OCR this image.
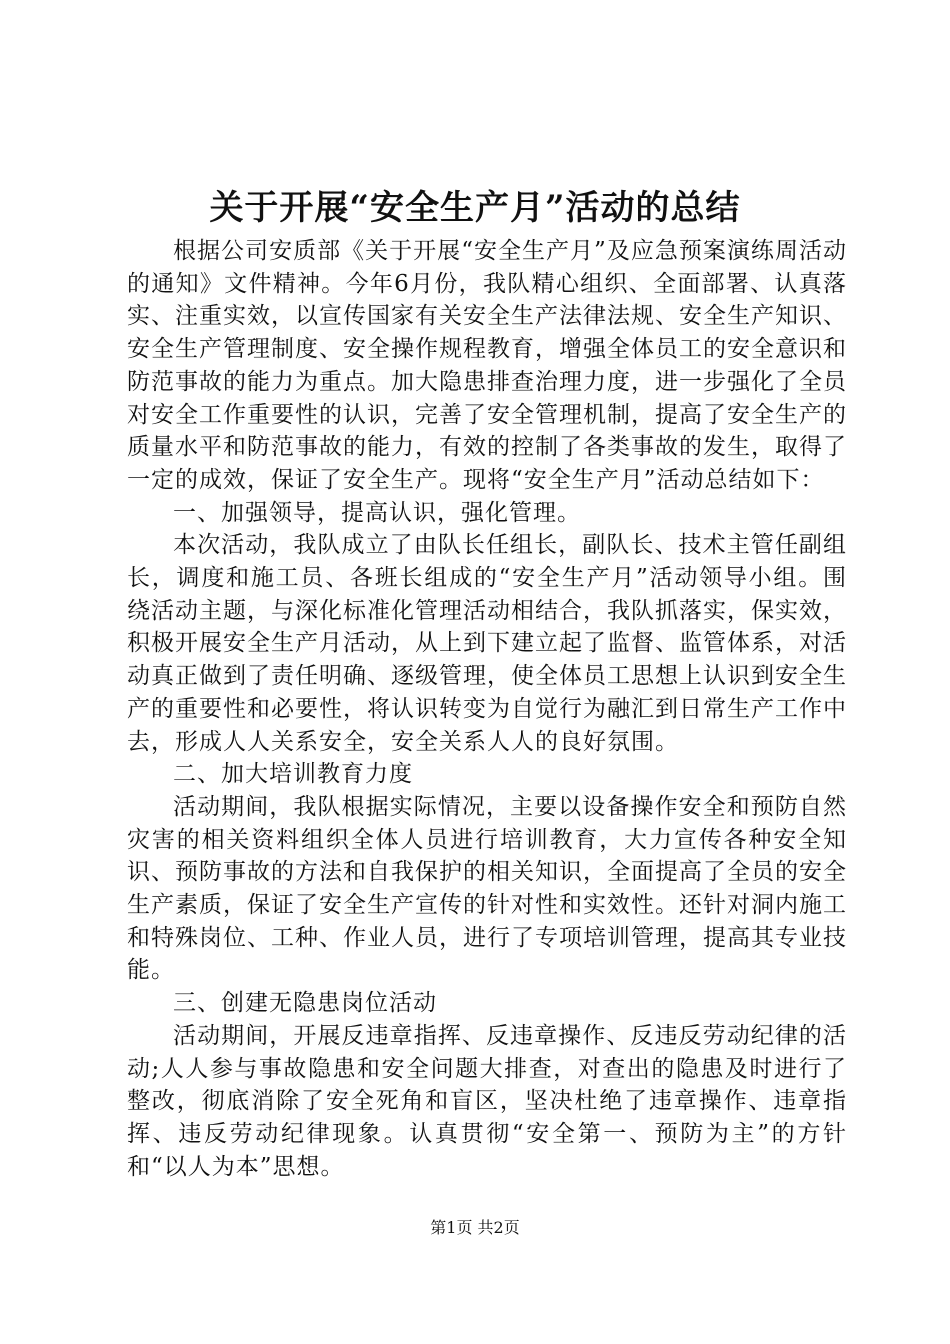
关于开展“安全生产月”活动的总结

根据公司安质部《关于开展“安全生产月”及应急预案演练周活动的通知》文件精神。今年6月份，我队精心组织、全面部署、认真落实、注重实效，以宣传国家有关安全生产法律法规、安全生产知识、安全生产管理制度、安全操作规程教育，增强全体员工的安全意识和防范事故的能力为重点。加大隐患排查治理力度，进一步强化了全员对安全工作重要性的认识，完善了安全管理机制，提高了安全生产的质量水平和防范事故的能力，有效的控制了各类事故的发生，取得了一定的成效，保证了安全生产。现将“安全生产月”活动总结如下：

一、加强领导，提高认识，强化管理。

本次活动，我队成立了由队长任组长，副队长、技术主管任副组长，调度和施工员、各班长组成的“安全生产月”活动领导小组。围绕活动主题，与深化标准化管理活动相结合，我队抓落实，保实效，积极开展安全生产月活动，从上到下建立起了监督、监管体系，对活动真正做到了责任明确、逐级管理，使全体员工思想上认识到安全生产的重要性和必要性，将认识转变为自觉行为融汇到日常生产工作中去，形成人人关系安全，安全关系人人的良好氛围。

二、加大培训教育力度

活动期间，我队根据实际情况，主要以设备操作安全和预防自然灾害的相关资料组织全体人员进行培训教育，大力宣传各种安全知识、预防事故的方法和自我保护的相关知识，全面提高了全员的安全生产素质，保证了安全生产宣传的针对性和实效性。还针对洞内施工和特殊岗位、工种、作业人员，进行了专项培训管理，提高其专业技能。

三、创建无隐患岗位活动

活动期间，开展反违章指挥、反违章操作、反违反劳动纪律的活动;人人参与事故隐患和安全问题大排查，对查出的隐患及时进行了整改，彻底消除了安全死角和盲区，坚决杜绝了违章操作、违章指挥、违反劳动纪律现象。认真贯彻“安全第一、预防为主”的方针和“以人为本”思想。

第1页 共2页
